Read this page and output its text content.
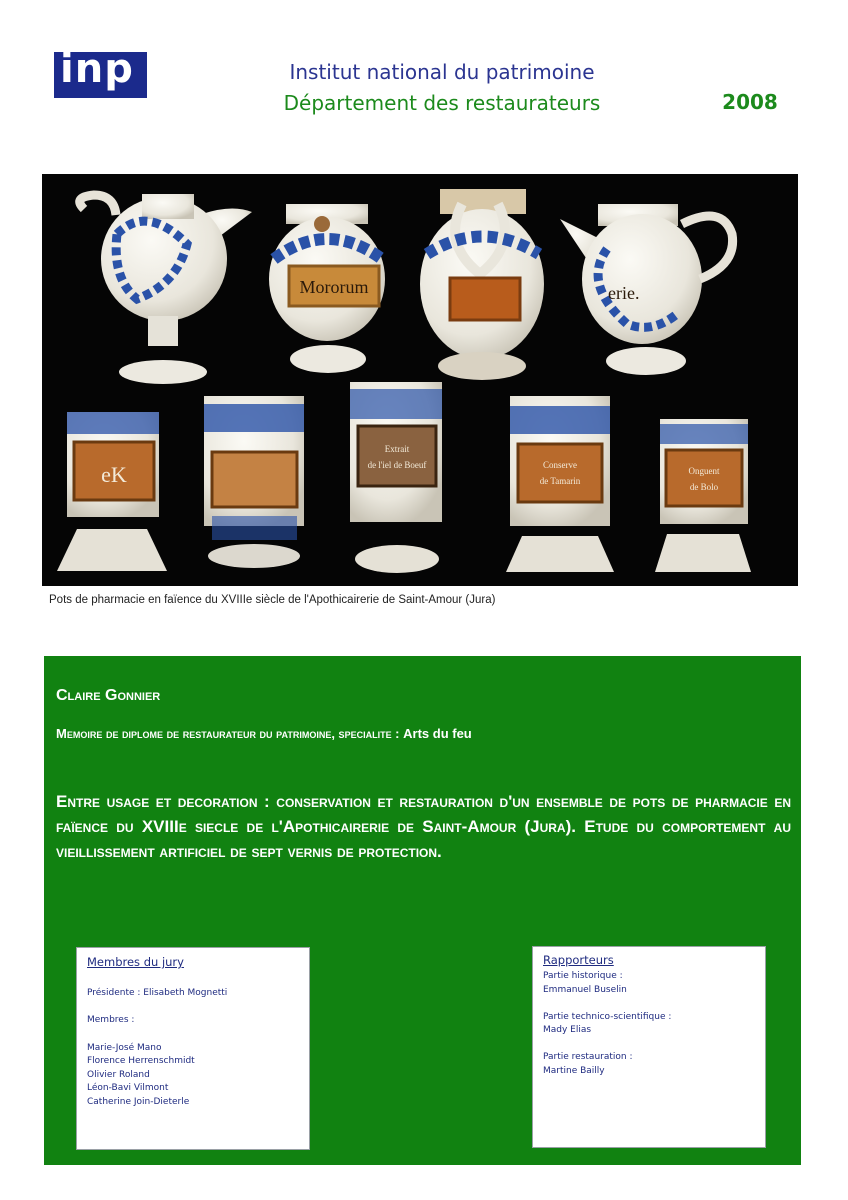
inp	Institut national du patrimoine
Département des restaurateurs	2008
Mororum	erie.
eK
Extrait
de l'iel de Boeuf	Conserve
de Tamarin
Onguent
de Bolo
Pots de pharmacie en faïence du XVIIIe siècle de l'Apothicairerie de Saint-Amour (Jura)
Claire Gonnier
Memoire de diplome de restaurateur du patrimoine, specialite : Arts du feu
Entre usage et decoration : conservation et restauration d'un ensemble de pots de pharmacie en faïence du XVIIIe siecle de l'Apothicairerie de Saint-Amour (Jura). Etude du comportement au vieillissement artificiel de sept vernis de protection.
Membres du jury
Présidente : Elisabeth Mognetti
Membres :
Marie-José Mano
Florence Herrenschmidt
Olivier Roland
Léon-Bavi Vilmont
Catherine Join-Dieterle
Rapporteurs
Partie historique :
Emmanuel Buselin
Partie technico-scientifique :
Mady Elias
Partie restauration :
Martine Bailly
